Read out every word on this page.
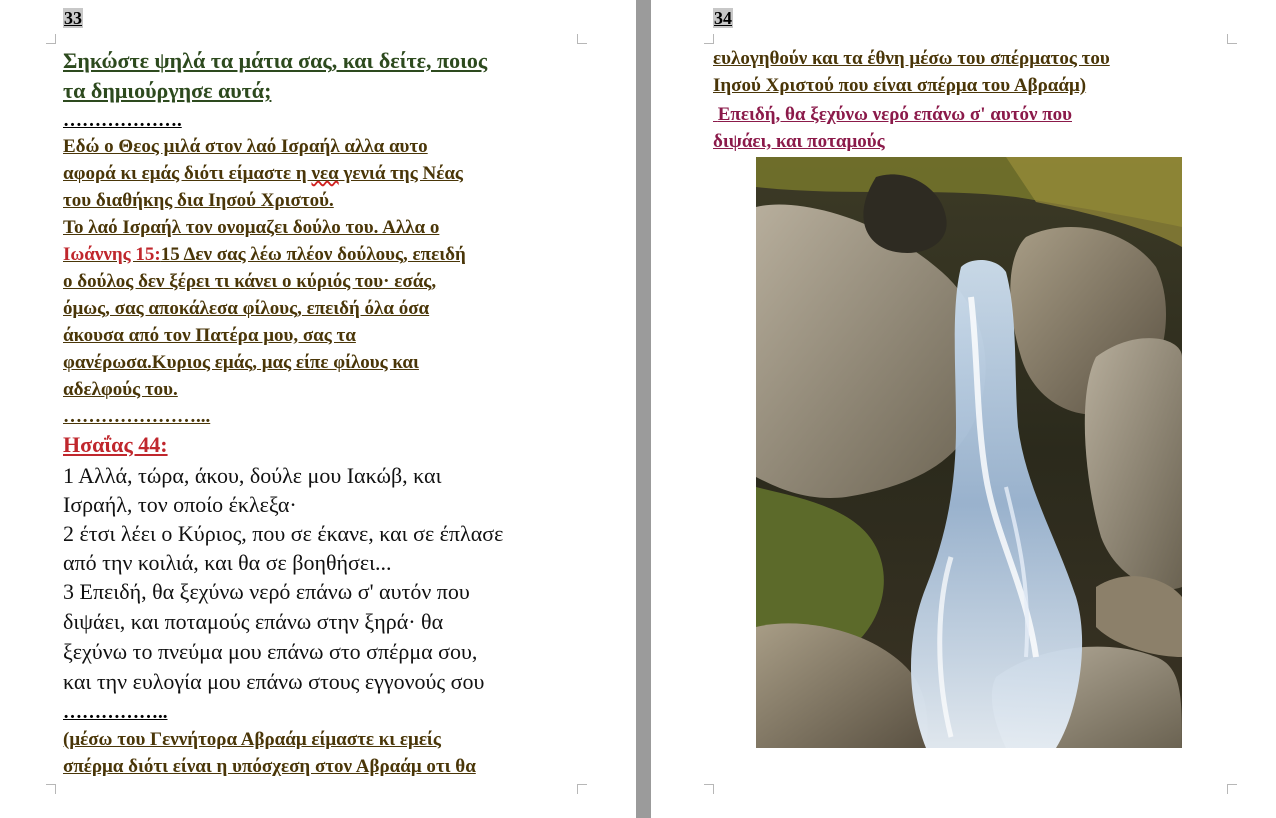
33
Σηκώστε ψηλά τα μάτια σας, και δείτε, ποιος
τα δημιούργησε αυτά;
……………….
Εδώ ο Θεος μιλά στον λαό Ισραήλ αλλα αυτο
αφορά κι εμάς διότι είμαστε η νεα γενιά της Νέας
του διαθήκης δια Ιησού Χριστού.
Το λαό Ισραήλ τον ονομαζει δούλο του. Αλλα ο
Ιωάννης 15:15 Δεν σας λέω πλέον δούλους, επειδή
ο δούλος δεν ξέρει τι κάνει ο κύριός του· εσάς,
όμως, σας αποκάλεσα φίλους, επειδή όλα όσα
άκουσα από τον Πατέρα μου, σας τα
φανέρωσα.Κυριος εμάς, μας είπε φίλους και
αδελφούς του.
…………………...
Ησαΐας 44:
1 Αλλά, τώρα, άκου, δούλε μου Ιακώβ, και
Ισραήλ, τον οποίο έκλεξα·
2 έτσι λέει ο Κύριος, που σε έκανε, και σε έπλασε
από την κοιλιά, και θα σε βοηθήσει...
3 Επειδή, θα ξεχύνω νερό επάνω σ' αυτόν που
διψάει, και ποταμούς επάνω στην ξηρά· θα
ξεχύνω το πνεύμα μου επάνω στο σπέρμα σου,
και την ευλογία μου επάνω στους εγγονούς σου
……………..
(μέσω του Γεννήτορα Αβραάμ είμαστε κι εμείς
σπέρμα διότι είναι η υπόσχεση στον Αβραάμ οτι θα
34
ευλογηθούν και τα έθνη μέσω του σπέρματος του
Ιησού Χριστού που είναι σπέρμα του Αβραάμ)
Επειδή, θα ξεχύνω νερό επάνω σ' αυτόν που
διψάει, και ποταμούς
